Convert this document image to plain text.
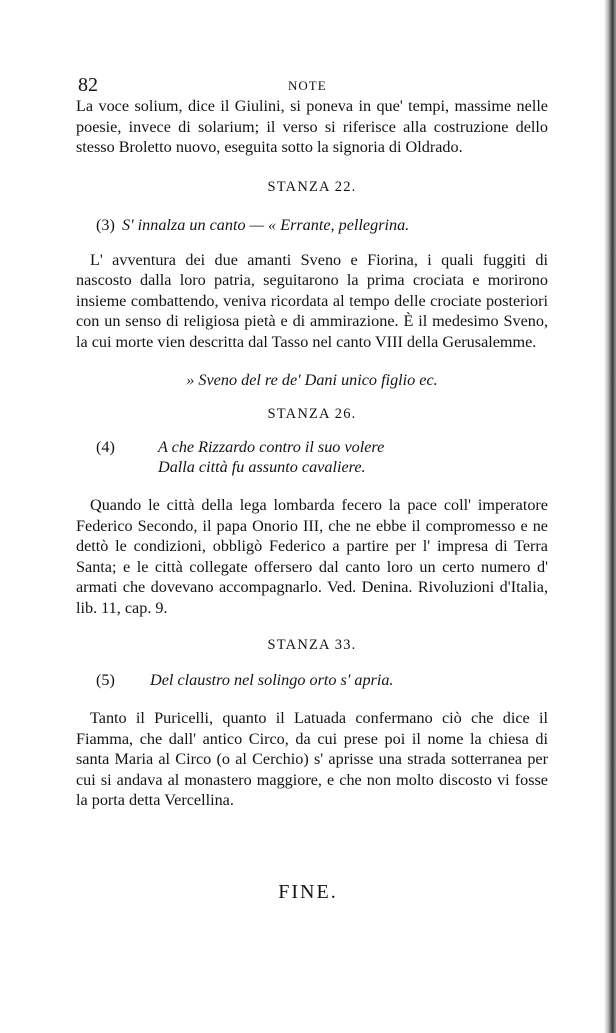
82	NOTE

La voce solium, dice il Giulini, si poneva in que' tempi, massime nelle poesie, invece di solarium; il verso si riferisce alla costruzione dello stesso Broletto nuovo, eseguita sotto la signoria di Oldrado.

STANZA 22.

(3) S' innalza un canto — « Errante, pellegrina.

L' avventura dei due amanti Sveno e Fiorina, i quali fuggiti di nascosto dalla loro patria, seguitarono la prima crociata e morirono insieme combattendo, veniva ricordata al tempo delle crociate posteriori con un senso di religiosa pietà e di ammirazione. È il medesimo Sveno, la cui morte vien descritta dal Tasso nel canto VIII della Gerusalemme.

» Sveno del re de' Dani unico figlio ec.

STANZA 26.

(4)	A che Rizzardo contro il suo volere
Dalla città fu assunto cavaliere.

Quando le città della lega lombarda fecero la pace coll' imperatore Federico Secondo, il papa Onorio III, che ne ebbe il compromesso e ne dettò le condizioni, obbligò Federico a partire per l' impresa di Terra Santa; e le città collegate offersero dal canto loro un certo numero d' armati che dovevano accompagnarlo. Ved. Denina. Rivoluzioni d'Italia, lib. 11, cap. 9.

STANZA 33.

(5) Del claustro nel solingo orto s' apria.

Tanto il Puricelli, quanto il Latuada confermano ciò che dice il Fiamma, che dall' antico Circo, da cui prese poi il nome la chiesa di santa Maria al Circo (o al Cerchio) s' aprisse una strada sotterranea per cui si andava al monastero maggiore, e che non molto discosto vi fosse la porta detta Vercellina.

FINE.
